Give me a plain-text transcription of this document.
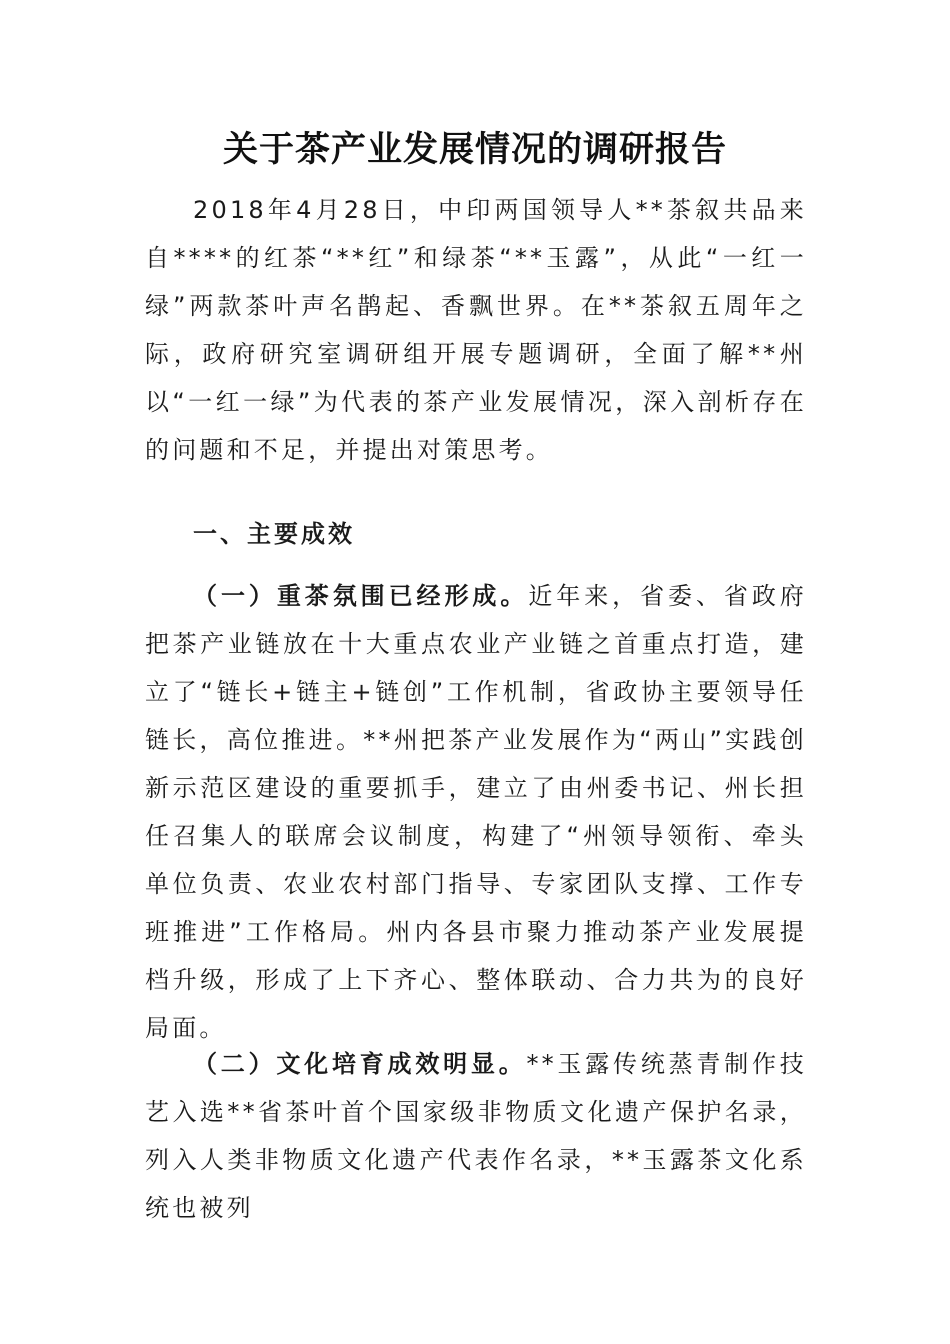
关于茶产业发展情况的调研报告

2018年4月28日，中印两国领导人**茶叙共品来自****的红茶“**红”和绿茶“**玉露”，从此“一红一绿”两款茶叶声名鹊起、香飘世界。在**茶叙五周年之际，政府研究室调研组开展专题调研，全面了解**州以“一红一绿”为代表的茶产业发展情况，深入剖析存在的问题和不足，并提出对策思考。

一、主要成效

（一）重茶氛围已经形成。近年来，省委、省政府把茶产业链放在十大重点农业产业链之首重点打造，建立了“链长+链主+链创”工作机制，省政协主要领导任链长，高位推进。**州把茶产业发展作为“两山”实践创新示范区建设的重要抓手，建立了由州委书记、州长担任召集人的联席会议制度，构建了“州领导领衔、牵头单位负责、农业农村部门指导、专家团队支撑、工作专班推进”工作格局。州内各县市聚力推动茶产业发展提档升级，形成了上下齐心、整体联动、合力共为的良好局面。

（二）文化培育成效明显。**玉露传统蒸青制作技艺入选**省茶叶首个国家级非物质文化遗产保护名录，列入人类非物质文化遗产代表作名录，**玉露茶文化系统也被列
